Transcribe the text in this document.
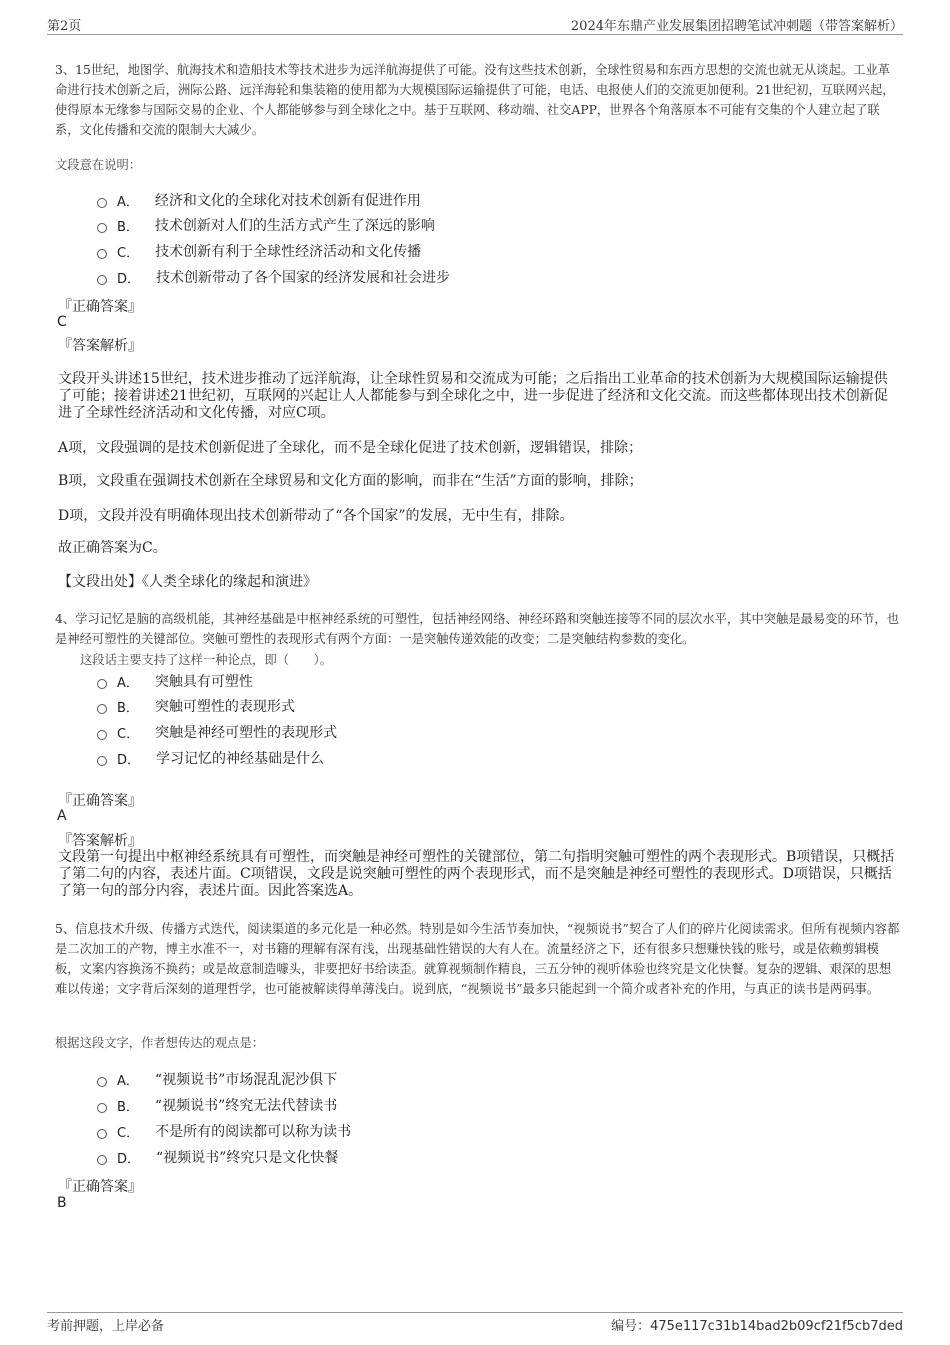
第2页	2024年东鼎产业发展集团招聘笔试冲刺题（带答案解析）

3、15世纪，地图学、航海技术和造船技术等技术进步为远洋航海提供了可能。没有这些技术创新，全球性贸易和东西方思想的交流也就无从谈起。工业革命进行技术创新之后，洲际公路、远洋海轮和集装箱的使用都为大规模国际运输提供了可能，电话、电报使人们的交流更加便利。21世纪初，互联网兴起，使得原本无缘参与国际交易的企业、个人都能够参与到全球化之中。基于互联网、移动端、社交APP，世界各个角落原本不可能有交集的个人建立起了联系，文化传播和交流的限制大大减少。

文段意在说明：

A． 经济和文化的全球化对技术创新有促进作用
B． 技术创新对人们的生活方式产生了深远的影响
C． 技术创新有利于全球性经济活动和文化传播
D． 技术创新带动了各个国家的经济发展和社会进步

『正确答案』

C

『答案解析』

文段开头讲述15世纪，技术进步推动了远洋航海，让全球性贸易和交流成为可能；之后指出工业革命的技术创新为大规模国际运输提供了可能；接着讲述21世纪初，互联网的兴起让人人都能参与到全球化之中，进一步促进了经济和文化交流。而这些都体现出技术创新促进了全球性经济活动和文化传播，对应C项。

A项，文段强调的是技术创新促进了全球化，而不是全球化促进了技术创新，逻辑错误，排除；

B项，文段重在强调技术创新在全球贸易和文化方面的影响，而非在“生活”方面的影响，排除；

D项，文段并没有明确体现出技术创新带动了“各个国家”的发展，无中生有，排除。

故正确答案为C。

【文段出处】《人类全球化的缘起和演进》

4、学习记忆是脑的高级机能，其神经基础是中枢神经系统的可塑性，包括神经网络、神经环路和突触连接等不同的层次水平，其中突触是最易变的环节，也是神经可塑性的关键部位。突触可塑性的表现形式有两个方面：一是突触传递效能的改变；二是突触结构参数的变化。

这段话主要支持了这样一种论点，即（　　）。

A． 突触具有可塑性
B． 突触可塑性的表现形式
C． 突触是神经可塑性的表现形式
D． 学习记忆的神经基础是什么

『正确答案』

A

『答案解析』

文段第一句提出中枢神经系统具有可塑性，而突触是神经可塑性的关键部位，第二句指明突触可塑性的两个表现形式。B项错误，只概括了第二句的内容，表述片面。C项错误，文段是说突触可塑性的两个表现形式，而不是突触是神经可塑性的表现形式。D项错误，只概括了第一句的部分内容，表述片面。因此答案选A。

5、信息技术升级、传播方式迭代，阅读渠道的多元化是一种必然。特别是如今生活节奏加快，“视频说书”契合了人们的碎片化阅读需求。但所有视频内容都是二次加工的产物，博主水准不一，对书籍的理解有深有浅，出现基础性错误的大有人在。流量经济之下，还有很多只想赚快钱的账号，或是依赖剪辑模板，文案内容换汤不换药；或是故意制造噱头，非要把好书给读歪。就算视频制作精良，三五分钟的视听体验也终究是文化快餐。复杂的逻辑、艰深的思想难以传递；文字背后深刻的道理哲学，也可能被解读得单薄浅白。说到底，“视频说书”最多只能起到一个简介或者补充的作用，与真正的读书是两码事。

根据这段文字，作者想传达的观点是：

A． “视频说书”市场混乱泥沙俱下
B． “视频说书”终究无法代替读书
C． 不是所有的阅读都可以称为读书
D． “视频说书”终究只是文化快餐

『正确答案』

B

考前押题，上岸必备	编号：475e117c31b14bad2b09cf21f5cb7ded
